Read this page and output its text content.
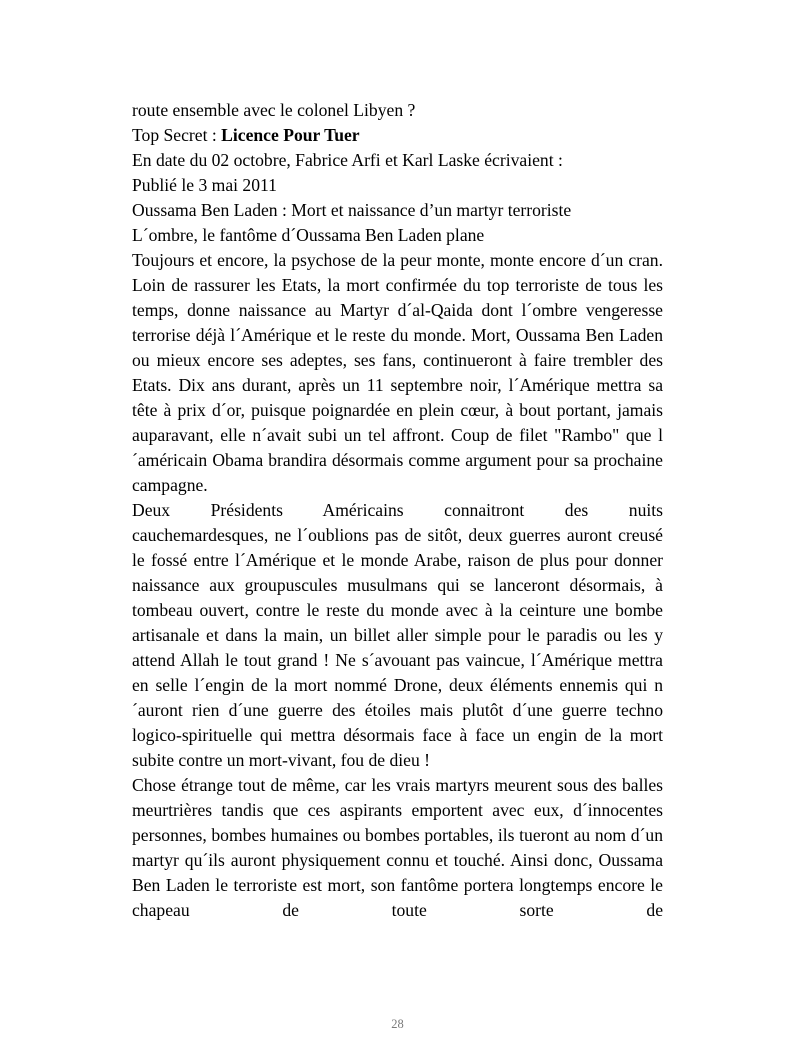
route ensemble avec le colonel Libyen ?
Top Secret : Licence Pour Tuer
En date du 02 octobre, Fabrice Arfi et Karl Laske écrivaient :
Publié le 3 mai 2011
Oussama Ben Laden : Mort et naissance d’un martyr terroriste
L´ombre, le fantôme d´Oussama Ben Laden plane

Toujours et encore, la psychose de la peur monte, monte encore d´un cran. Loin de rassurer les Etats, la mort confirmée du top terroriste de tous les temps, donne naissance au Martyr d´al-Qaida dont l´ombre vengeresse terrorise déjà l´Amérique et le reste du monde. Mort, Oussama Ben Laden ou mieux encore ses adeptes, ses fans, continueront à faire trembler des Etats. Dix ans durant, après un 11 septembre noir, l´Amérique mettra sa tête à prix d´or, puisque poignardée en plein cœur, à bout portant, jamais auparavant, elle n´avait subi un tel affront. Coup de filet "Rambo" que l´américain Obama brandira désormais comme argument pour sa prochaine campagne.

Deux Présidents Américains connaitront des nuits

cauchemardesques, ne l´oublions pas de sitôt, deux guerres auront creusé le fossé entre l´Amérique et le monde Arabe, raison de plus pour donner naissance aux groupuscules musulmans qui se lanceront désormais, à tombeau ouvert, contre le reste du monde avec à la ceinture une bombe artisanale et dans la main, un billet aller simple pour le paradis ou les y attend Allah le tout grand ! Ne s´avouant pas vaincue, l´Amérique mettra en selle l´engin de la mort nommé Drone, deux éléments ennemis qui n´auront rien d´une guerre des étoiles mais plutôt d´une guerre techno logico-spirituelle qui mettra désormais face à face un engin de la mort subite contre un mort-vivant, fou de dieu !

Chose étrange tout de même, car les vrais martyrs meurent sous des balles meurtrières tandis que ces aspirants emportent avec eux, d´innocentes personnes, bombes humaines ou bombes portables, ils tueront au nom d´un martyr qu´ils auront physiquement connu et touché. Ainsi donc, Oussama Ben Laden le terroriste est mort, son fantôme portera longtemps encore le chapeau de toute sorte de

28
